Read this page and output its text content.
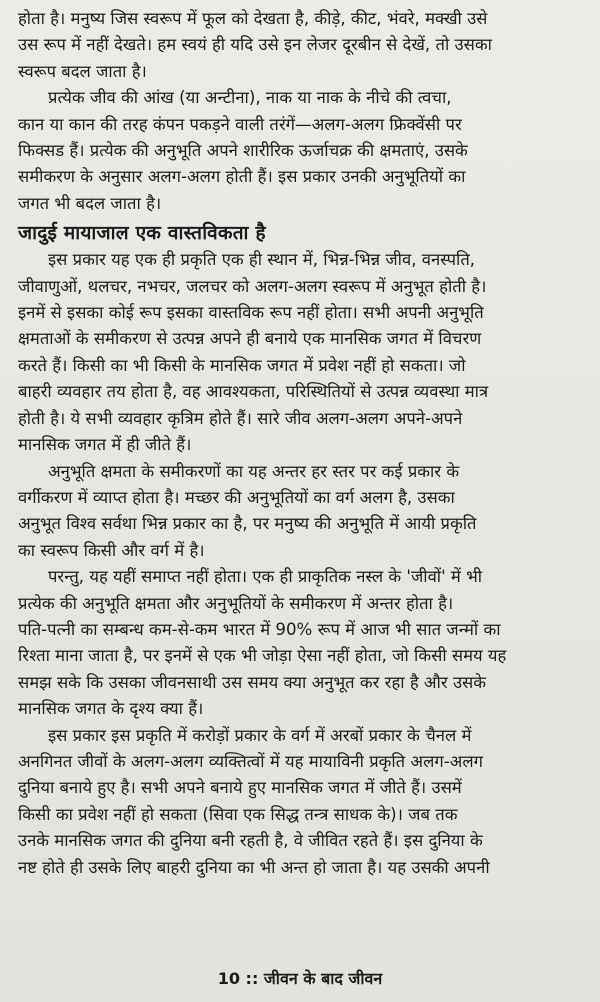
होता है। मनुष्य जिस स्वरूप में फूल को देखता है, कीड़े, कीट, भंवरे, मक्खी उसे
उस रूप में नहीं देखते। हम स्वयं ही यदि उसे इन लेजर दूरबीन से देखें, तो उसका
स्वरूप बदल जाता है।
प्रत्येक जीव की आंख (या अन्टीना), नाक या नाक के नीचे की त्वचा,
कान या कान की तरह कंपन पकड़ने वाली तरंगें—अलग-अलग फ्रिक्वेंसी पर
फिक्सड हैं। प्रत्येक की अनुभूति अपने शारीरिक ऊर्जाचक्र की क्षमताएं, उसके
समीकरण के अनुसार अलग-अलग होती हैं। इस प्रकार उनकी अनुभूतियों का
जगत भी बदल जाता है।
जादुई मायाजाल एक वास्तविकता है
इस प्रकार यह एक ही प्रकृति एक ही स्थान में, भिन्न-भिन्न जीव, वनस्पति,
जीवाणुओं, थलचर, नभचर, जलचर को अलग-अलग स्वरूप में अनुभूत होती है।
इनमें से इसका कोई रूप इसका वास्तविक रूप नहीं होता। सभी अपनी अनुभूति
क्षमताओं के समीकरण से उत्पन्न अपने ही बनाये एक मानसिक जगत में विचरण
करते हैं। किसी का भी किसी के मानसिक जगत में प्रवेश नहीं हो सकता। जो
बाहरी व्यवहार तय होता है, वह आवश्यकता, परिस्थितियों से उत्पन्न व्यवस्था मात्र
होती है। ये सभी व्यवहार कृत्रिम होते हैं। सारे जीव अलग-अलग अपने-अपने
मानसिक जगत में ही जीते हैं।
अनुभूति क्षमता के समीकरणों का यह अन्तर हर स्तर पर कई प्रकार के
वर्गीकरण में व्याप्त होता है। मच्छर की अनुभूतियों का वर्ग अलग है, उसका
अनुभूत विश्व सर्वथा भिन्न प्रकार का है, पर मनुष्य की अनुभूति में आयी प्रकृति
का स्वरूप किसी और वर्ग में है।
परन्तु, यह यहीं समाप्त नहीं होता। एक ही प्राकृतिक नस्ल के 'जीवों' में भी
प्रत्येक की अनुभूति क्षमता और अनुभूतियों के समीकरण में अन्तर होता है।
पति-पत्नी का सम्बन्ध कम-से-कम भारत में 90% रूप में आज भी सात जन्मों का
रिश्ता माना जाता है, पर इनमें से एक भी जोड़ा ऐसा नहीं होता, जो किसी समय यह
समझ सके कि उसका जीवनसाथी उस समय क्या अनुभूत कर रहा है और उसके
मानसिक जगत के दृश्य क्या हैं।
इस प्रकार इस प्रकृति में करोड़ों प्रकार के वर्ग में अरबों प्रकार के चैनल में
अनगिनत जीवों के अलग-अलग व्यक्तित्वों में यह मायाविनी प्रकृति अलग-अलग
दुनिया बनाये हुए है। सभी अपने बनाये हुए मानसिक जगत में जीते हैं। उसमें
किसी का प्रवेश नहीं हो सकता (सिवा एक सिद्ध तन्त्र साधक के)। जब तक
उनके मानसिक जगत की दुनिया बनी रहती है, वे जीवित रहते हैं। इस दुनिया के
नष्ट होते ही उसके लिए बाहरी दुनिया का भी अन्त हो जाता है। यह उसकी अपनी
10 :: जीवन के बाद जीवन
